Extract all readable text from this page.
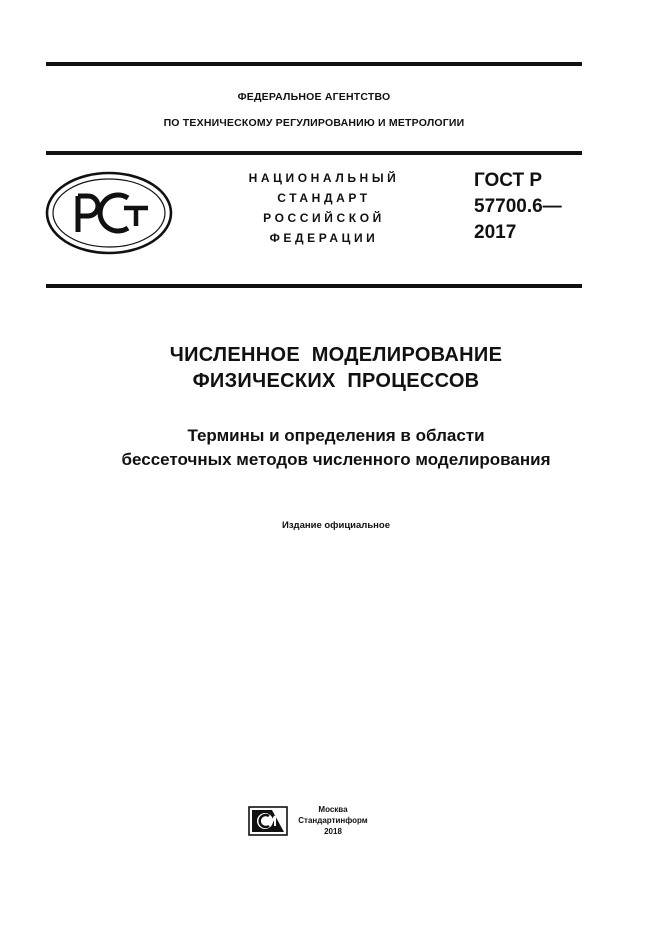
ФЕДЕРАЛЬНОЕ АГЕНТСТВО
ПО ТЕХНИЧЕСКОМУ РЕГУЛИРОВАНИЮ И МЕТРОЛОГИИ
НАЦИОНАЛЬНЫЙ
СТАНДАРТ
РОССИЙСКОЙ
ФЕДЕРАЦИИ
ГОСТ Р
57700.6—
2017
ЧИСЛЕННОЕ  МОДЕЛИРОВАНИЕ
ФИЗИЧЕСКИХ  ПРОЦЕССОВ
Термины и определения в области
бессеточных методов численного моделирования
Издание официальное
Москва
Стандартинформ
2018
